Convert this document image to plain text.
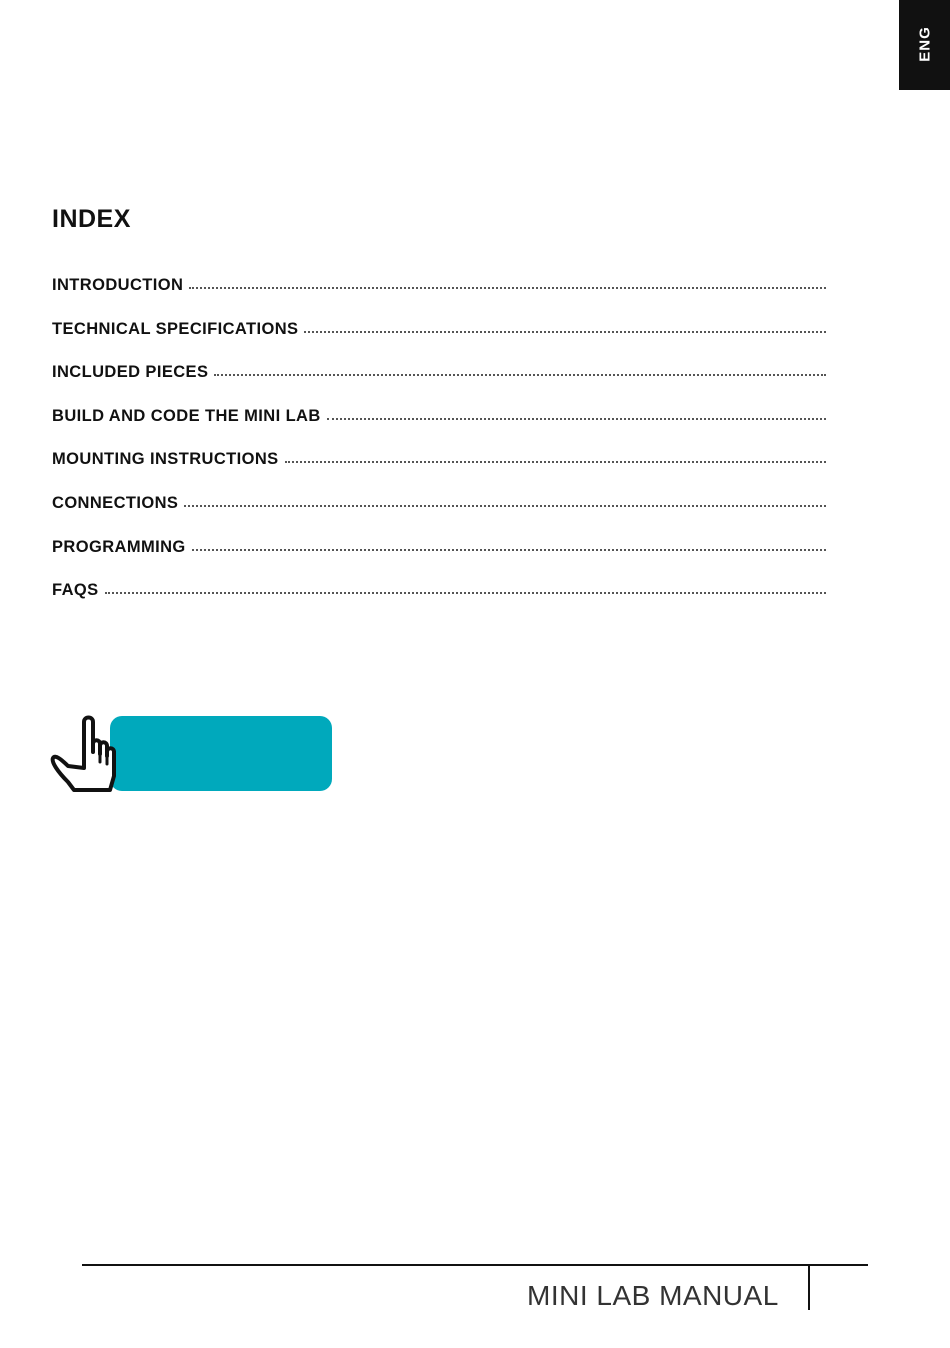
ENG
INDEX
INTRODUCTION
TECHNICAL SPECIFICATIONS
INCLUDED PIECES
BUILD AND CODE THE MINI LAB
MOUNTING INSTRUCTIONS
CONNECTIONS
PROGRAMMING
FAQS

MINI LAB MANUAL
